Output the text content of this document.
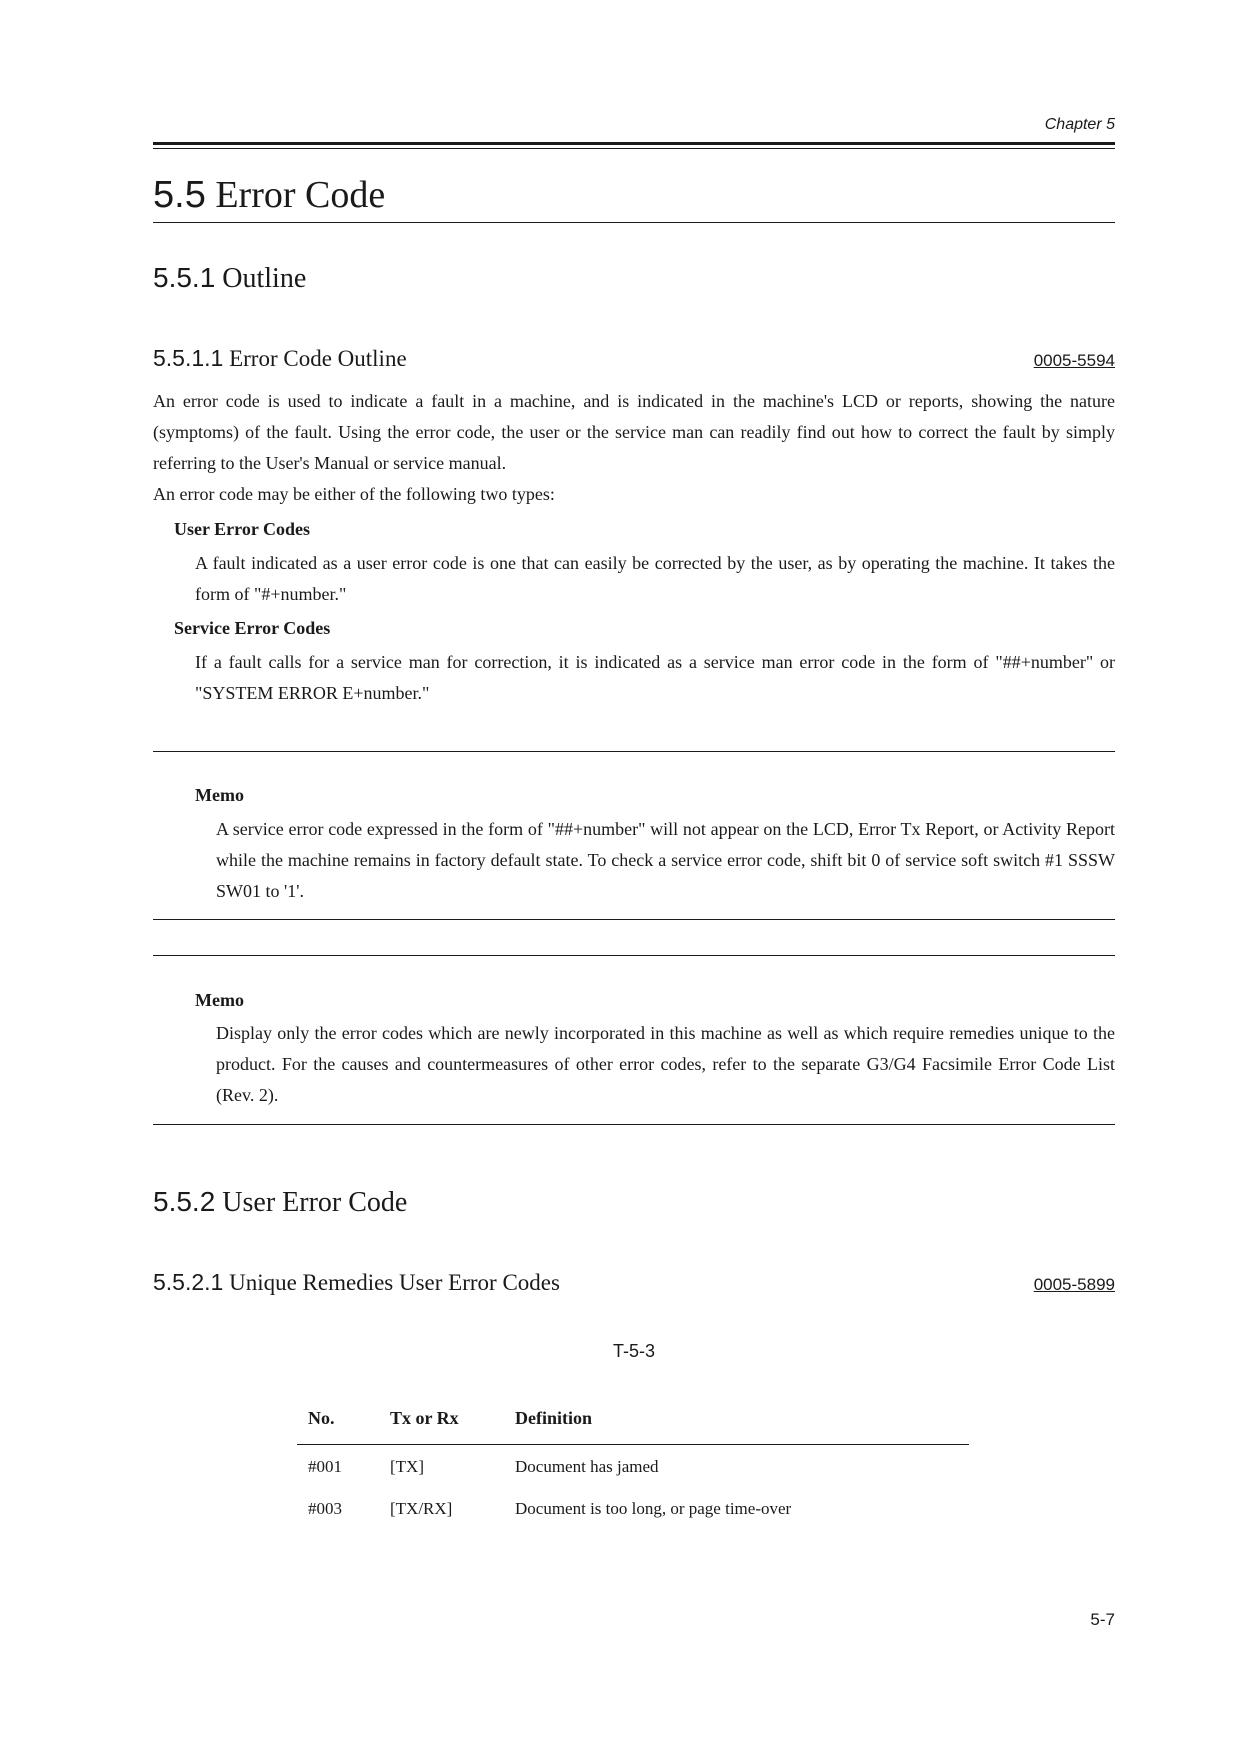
Chapter 5
5.5 Error Code
5.5.1 Outline
5.5.1.1 Error Code Outline	0005-5594

An error code is used to indicate a fault in a machine, and is indicated in the machine's LCD or reports, showing the nature (symptoms) of the fault. Using the error code, the user or the service man can readily find out how to correct the fault by simply referring to the User's Manual or service manual.

An error code may be either of the following two types:

User Error Codes

A fault indicated as a user error code is one that can easily be corrected by the user, as by operating the machine. It takes the form of "#+number."

Service Error Codes

If a fault calls for a service man for correction, it is indicated as a service man error code in the form of "##+number" or "SYSTEM ERROR E+number."

Memo

A service error code expressed in the form of "##+number" will not appear on the LCD, Error Tx Report, or Activity Report while the machine remains in factory default state. To check a service error code, shift bit 0 of service soft switch #1 SSSW SW01 to '1'.

Memo

Display only the error codes which are newly incorporated in this machine as well as which require remedies unique to the product. For the causes and countermeasures of other error codes, refer to the separate G3/G4 Facsimile Error Code List (Rev. 2).

5.5.2 User Error Code
5.5.2.1 Unique Remedies User Error Codes	0005-5899
T-5-3
No.	Tx or Rx	Definition
#001	[TX]	Document has jamed
#003	[TX/RX]	Document is too long, or page time-over
5-7
